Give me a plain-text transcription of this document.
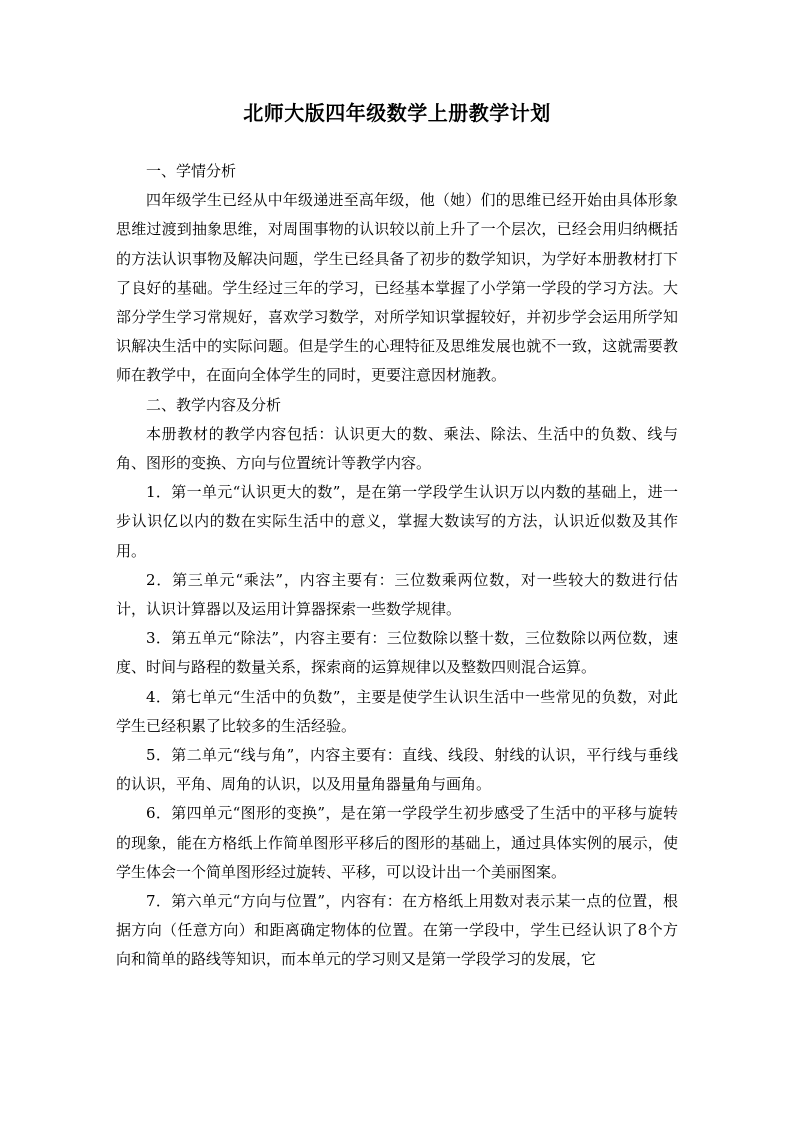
北师大版四年级数学上册教学计划

一、学情分析

四年级学生已经从中年级递进至高年级，他（她）们的思维已经开始由具体形象思维过渡到抽象思维，对周围事物的认识较以前上升了一个层次，已经会用归纳概括的方法认识事物及解决问题，学生已经具备了初步的数学知识，为学好本册教材打下了良好的基础。学生经过三年的学习，已经基本掌握了小学第一学段的学习方法。大部分学生学习常规好，喜欢学习数学，对所学知识掌握较好，并初步学会运用所学知识解决生活中的实际问题。但是学生的心理特征及思维发展也就不一致，这就需要教师在教学中，在面向全体学生的同时，更要注意因材施教。

二、教学内容及分析

本册教材的教学内容包括：认识更大的数、乘法、除法、生活中的负数、线与角、图形的变换、方向与位置统计等教学内容。

1．第一单元“认识更大的数”，是在第一学段学生认识万以内数的基础上，进一步认识亿以内的数在实际生活中的意义，掌握大数读写的方法，认识近似数及其作用。

2．第三单元“乘法”，内容主要有：三位数乘两位数，对一些较大的数进行估计，认识计算器以及运用计算器探索一些数学规律。

3．第五单元“除法”，内容主要有：三位数除以整十数，三位数除以两位数，速度、时间与路程的数量关系，探索商的运算规律以及整数四则混合运算。

4．第七单元“生活中的负数”，主要是使学生认识生活中一些常见的负数，对此学生已经积累了比较多的生活经验。

5．第二单元“线与角”，内容主要有：直线、线段、射线的认识，平行线与垂线的认识，平角、周角的认识，以及用量角器量角与画角。

6．第四单元“图形的变换”，是在第一学段学生初步感受了生活中的平移与旋转的现象，能在方格纸上作简单图形平移后的图形的基础上，通过具体实例的展示，使学生体会一个简单图形经过旋转、平移，可以设计出一个美丽图案。

7．第六单元“方向与位置”，内容有：在方格纸上用数对表示某一点的位置，根据方向（任意方向）和距离确定物体的位置。在第一学段中，学生已经认识了8个方向和简单的路线等知识，而本单元的学习则又是第一学段学习的发展，它
